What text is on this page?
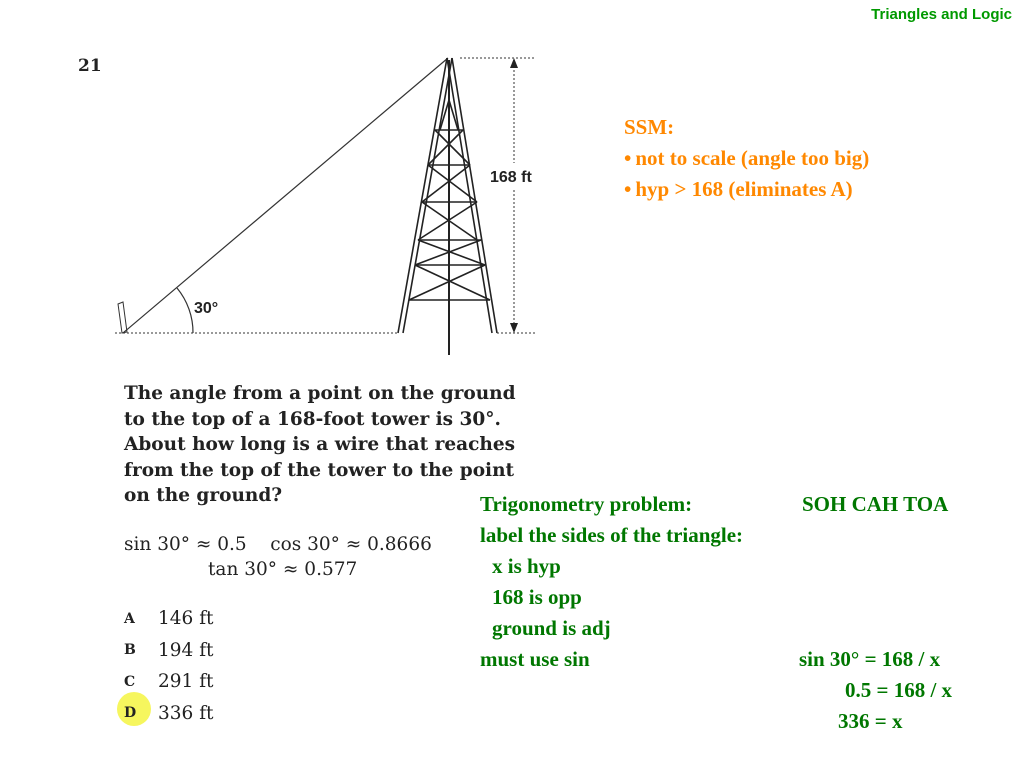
Triangles and Logic
21
30°
168 ft
The angle from a point on the ground
to the top of a 168-foot tower is 30°.
About how long is a wire that reaches
from the top of the tower to the point
on the ground?
sin 30° ≈ 0.5    cos 30° ≈ 0.8666
tan 30° ≈ 0.577
A	146 ft
B	194 ft
C	291 ft
D	336 ft
SSM:
• not to scale (angle too big)
• hyp > 168 (eliminates A)
Trigonometry problem:	SOH CAH TOA
label the sides of the triangle:
x is hyp
168 is opp
ground is adj
must use sin	sin 30° = 168 / x
0.5 = 168 / x
336 = x
